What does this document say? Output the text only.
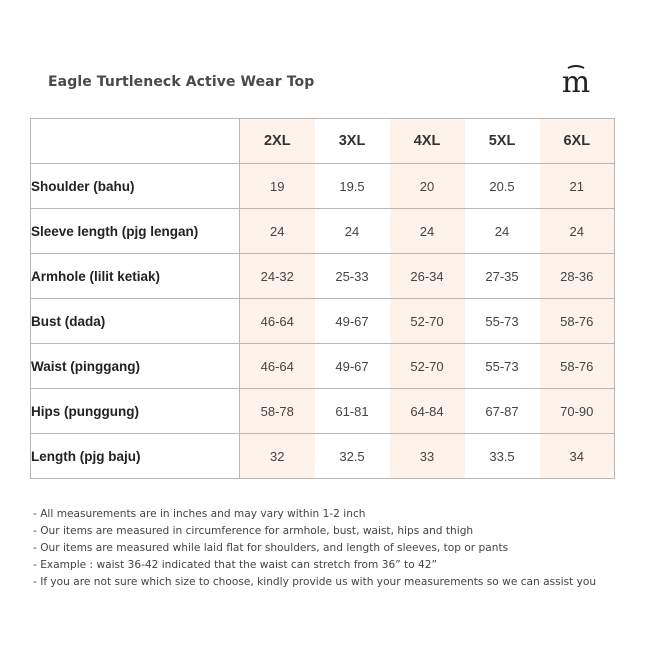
Eagle Turtleneck Active Wear Top	m
	2XL	3XL	4XL	5XL	6XL
Shoulder (bahu)	19	19.5	20	20.5	21
Sleeve length (pjg lengan)	24	24	24	24	24
Armhole (lilit ketiak)	24-32	25-33	26-34	27-35	28-36
Bust (dada)	46-64	49-67	52-70	55-73	58-76
Waist (pinggang)	46-64	49-67	52-70	55-73	58-76
Hips (punggung)	58-78	61-81	64-84	67-87	70-90
Length (pjg baju)	32	32.5	33	33.5	34
- All measurements are in inches and may vary within 1-2 inch
- Our items are measured in circumference for armhole, bust, waist, hips and thigh
- Our items are measured while laid flat for shoulders, and length of sleeves, top or pants
- Example : waist 36-42 indicated that the waist can stretch from 36” to 42”
- If you are not sure which size to choose, kindly provide us with your measurements so we can assist you
